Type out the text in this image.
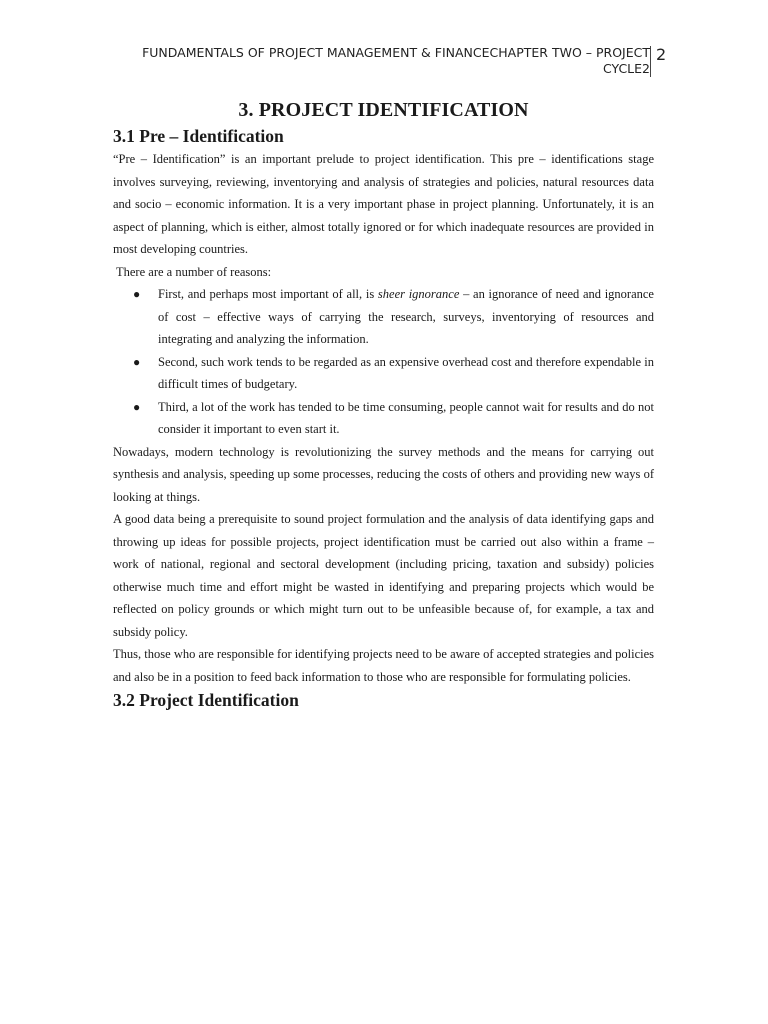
FUNDAMENTALS OF PROJECT MANAGEMENT & FINANCECHAPTER TWO – PROJECT CYCLE2
2
3. PROJECT IDENTIFICATION
3.1 Pre – Identification

“Pre – Identification” is an important prelude to project identification. This pre – identifications stage involves surveying, reviewing, inventorying and analysis of strategies and policies, natural resources data and socio – economic information. It is a very important phase in project planning. Unfortunately, it is an aspect of planning, which is either, almost totally ignored or for which inadequate resources are provided in most developing countries.

There are a number of reasons:

● First, and perhaps most important of all, is sheer ignorance – an ignorance of need and ignorance of cost – effective ways of carrying the research, surveys, inventorying of resources and integrating and analyzing the information.
● Second, such work tends to be regarded as an expensive overhead cost and therefore expendable in difficult times of budgetary.
● Third, a lot of the work has tended to be time consuming, people cannot wait for results and do not consider it important to even start it.

Nowadays, modern technology is revolutionizing the survey methods and the means for carrying out synthesis and analysis, speeding up some processes, reducing the costs of others and providing new ways of looking at things.

A good data being a prerequisite to sound project formulation and the analysis of data identifying gaps and throwing up ideas for possible projects, project identification must be carried out also within a frame – work of national, regional and sectoral development (including pricing, taxation and subsidy) policies otherwise much time and effort might be wasted in identifying and preparing projects which would be reflected on policy grounds or which might turn out to be unfeasible because of, for example, a tax and subsidy policy.

Thus, those who are responsible for identifying projects need to be aware of accepted strategies and policies and also be in a position to feed back information to those who are responsible for formulating policies.

3.2 Project Identification
